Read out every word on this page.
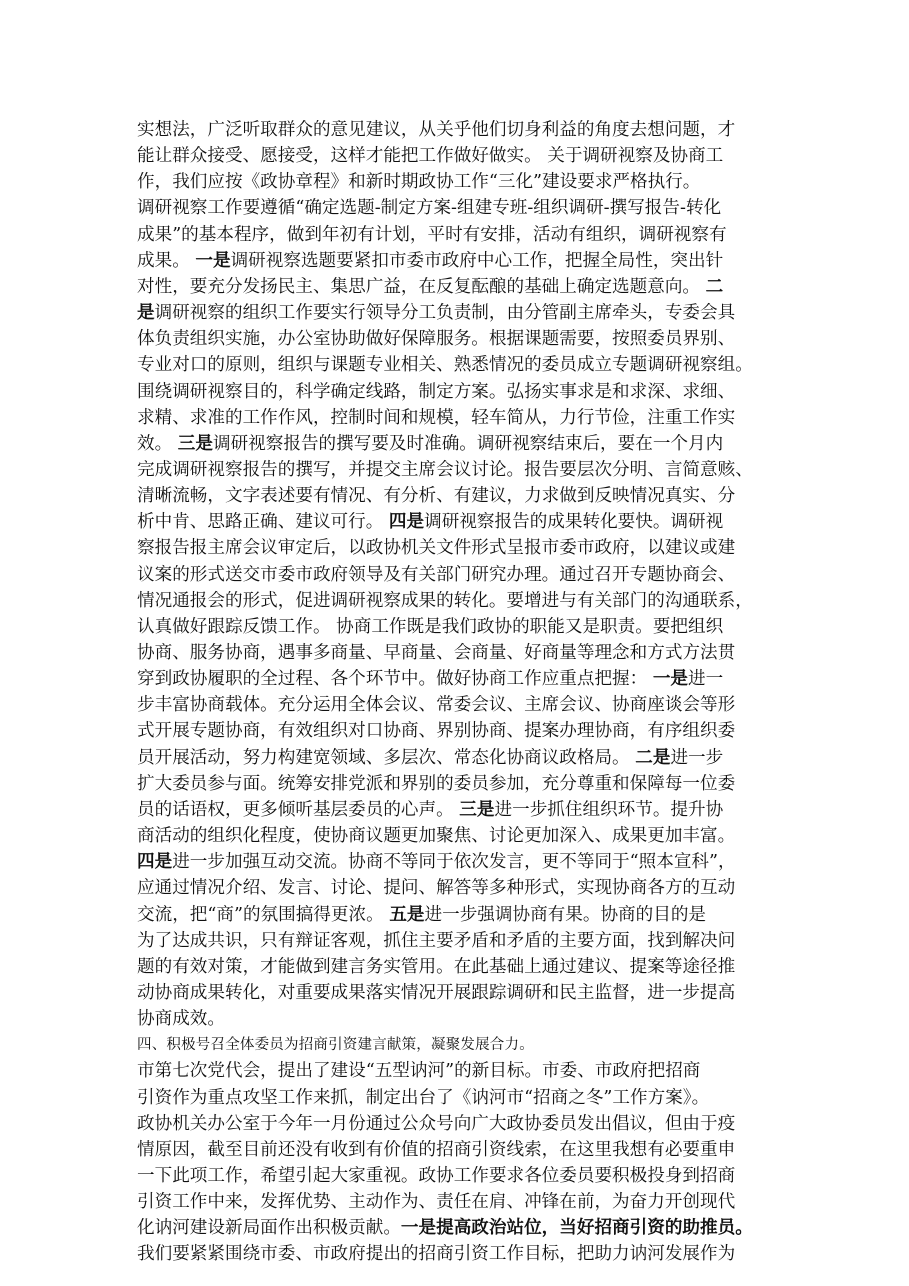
实想法，广泛听取群众的意见建议，从关乎他们切身利益的角度去想问题，才
能让群众接受、愿接受，这样才能把工作做好做实。 关于调研视察及协商工
作，我们应按《政协章程》和新时期政协工作“三化”建设要求严格执行。
调研视察工作要遵循“确定选题-制定方案-组建专班-组织调研-撰写报告-转化
成果”的基本程序，做到年初有计划，平时有安排，活动有组织，调研视察有
成果。 一是调研视察选题要紧扣市委市政府中心工作，把握全局性，突出针
对性，要充分发扬民主、集思广益，在反复酝酿的基础上确定选题意向。 二
是调研视察的组织工作要实行领导分工负责制，由分管副主席牵头，专委会具
体负责组织实施，办公室协助做好保障服务。根据课题需要，按照委员界别、
专业对口的原则，组织与课题专业相关、熟悉情况的委员成立专题调研视察组。
围绕调研视察目的，科学确定线路，制定方案。弘扬实事求是和求深、求细、
求精、求准的工作作风，控制时间和规模，轻车简从，力行节俭，注重工作实
效。 三是调研视察报告的撰写要及时准确。调研视察结束后，要在一个月内
完成调研视察报告的撰写，并提交主席会议讨论。报告要层次分明、言简意赅、
清晰流畅，文字表述要有情况、有分析、有建议，力求做到反映情况真实、分
析中肯、思路正确、建议可行。 四是调研视察报告的成果转化要快。调研视
察报告报主席会议审定后，以政协机关文件形式呈报市委市政府，以建议或建
议案的形式送交市委市政府领导及有关部门研究办理。通过召开专题协商会、
情况通报会的形式，促进调研视察成果的转化。要增进与有关部门的沟通联系，
认真做好跟踪反馈工作。 协商工作既是我们政协的职能又是职责。要把组织
协商、服务协商，遇事多商量、早商量、会商量、好商量等理念和方式方法贯
穿到政协履职的全过程、各个环节中。做好协商工作应重点把握： 一是进一
步丰富协商载体。充分运用全体会议、常委会议、主席会议、协商座谈会等形
式开展专题协商，有效组织对口协商、界别协商、提案办理协商，有序组织委
员开展活动，努力构建宽领域、多层次、常态化协商议政格局。 二是进一步
扩大委员参与面。统筹安排党派和界别的委员参加，充分尊重和保障每一位委
员的话语权，更多倾听基层委员的心声。 三是进一步抓住组织环节。提升协
商活动的组织化程度，使协商议题更加聚焦、讨论更加深入、成果更加丰富。
四是进一步加强互动交流。协商不等同于依次发言，更不等同于“照本宣科”，
应通过情况介绍、发言、讨论、提问、解答等多种形式，实现协商各方的互动
交流，把“商”的氛围搞得更浓。 五是进一步强调协商有果。协商的目的是
为了达成共识，只有辩证客观，抓住主要矛盾和矛盾的主要方面，找到解决问
题的有效对策，才能做到建言务实管用。在此基础上通过建议、提案等途径推
动协商成果转化，对重要成果落实情况开展跟踪调研和民主监督，进一步提高
协商成效。
四、积极号召全体委员为招商引资建言献策，凝聚发展合力。
市第七次党代会，提出了建设“五型讷河”的新目标。市委、市政府把招商
引资作为重点攻坚工作来抓，制定出台了《讷河市“招商之冬”工作方案》。
政协机关办公室于今年一月份通过公众号向广大政协委员发出倡议，但由于疫
情原因，截至目前还没有收到有价值的招商引资线索，在这里我想有必要重申
一下此项工作，希望引起大家重视。政协工作要求各位委员要积极投身到招商
引资工作中来，发挥优势、主动作为、责任在肩、冲锋在前，为奋力开创现代
化讷河建设新局面作出积极贡献。一是提高政治站位，当好招商引资的助推员。
我们要紧紧围绕市委、市政府提出的招商引资工作目标，把助力讷河发展作为
